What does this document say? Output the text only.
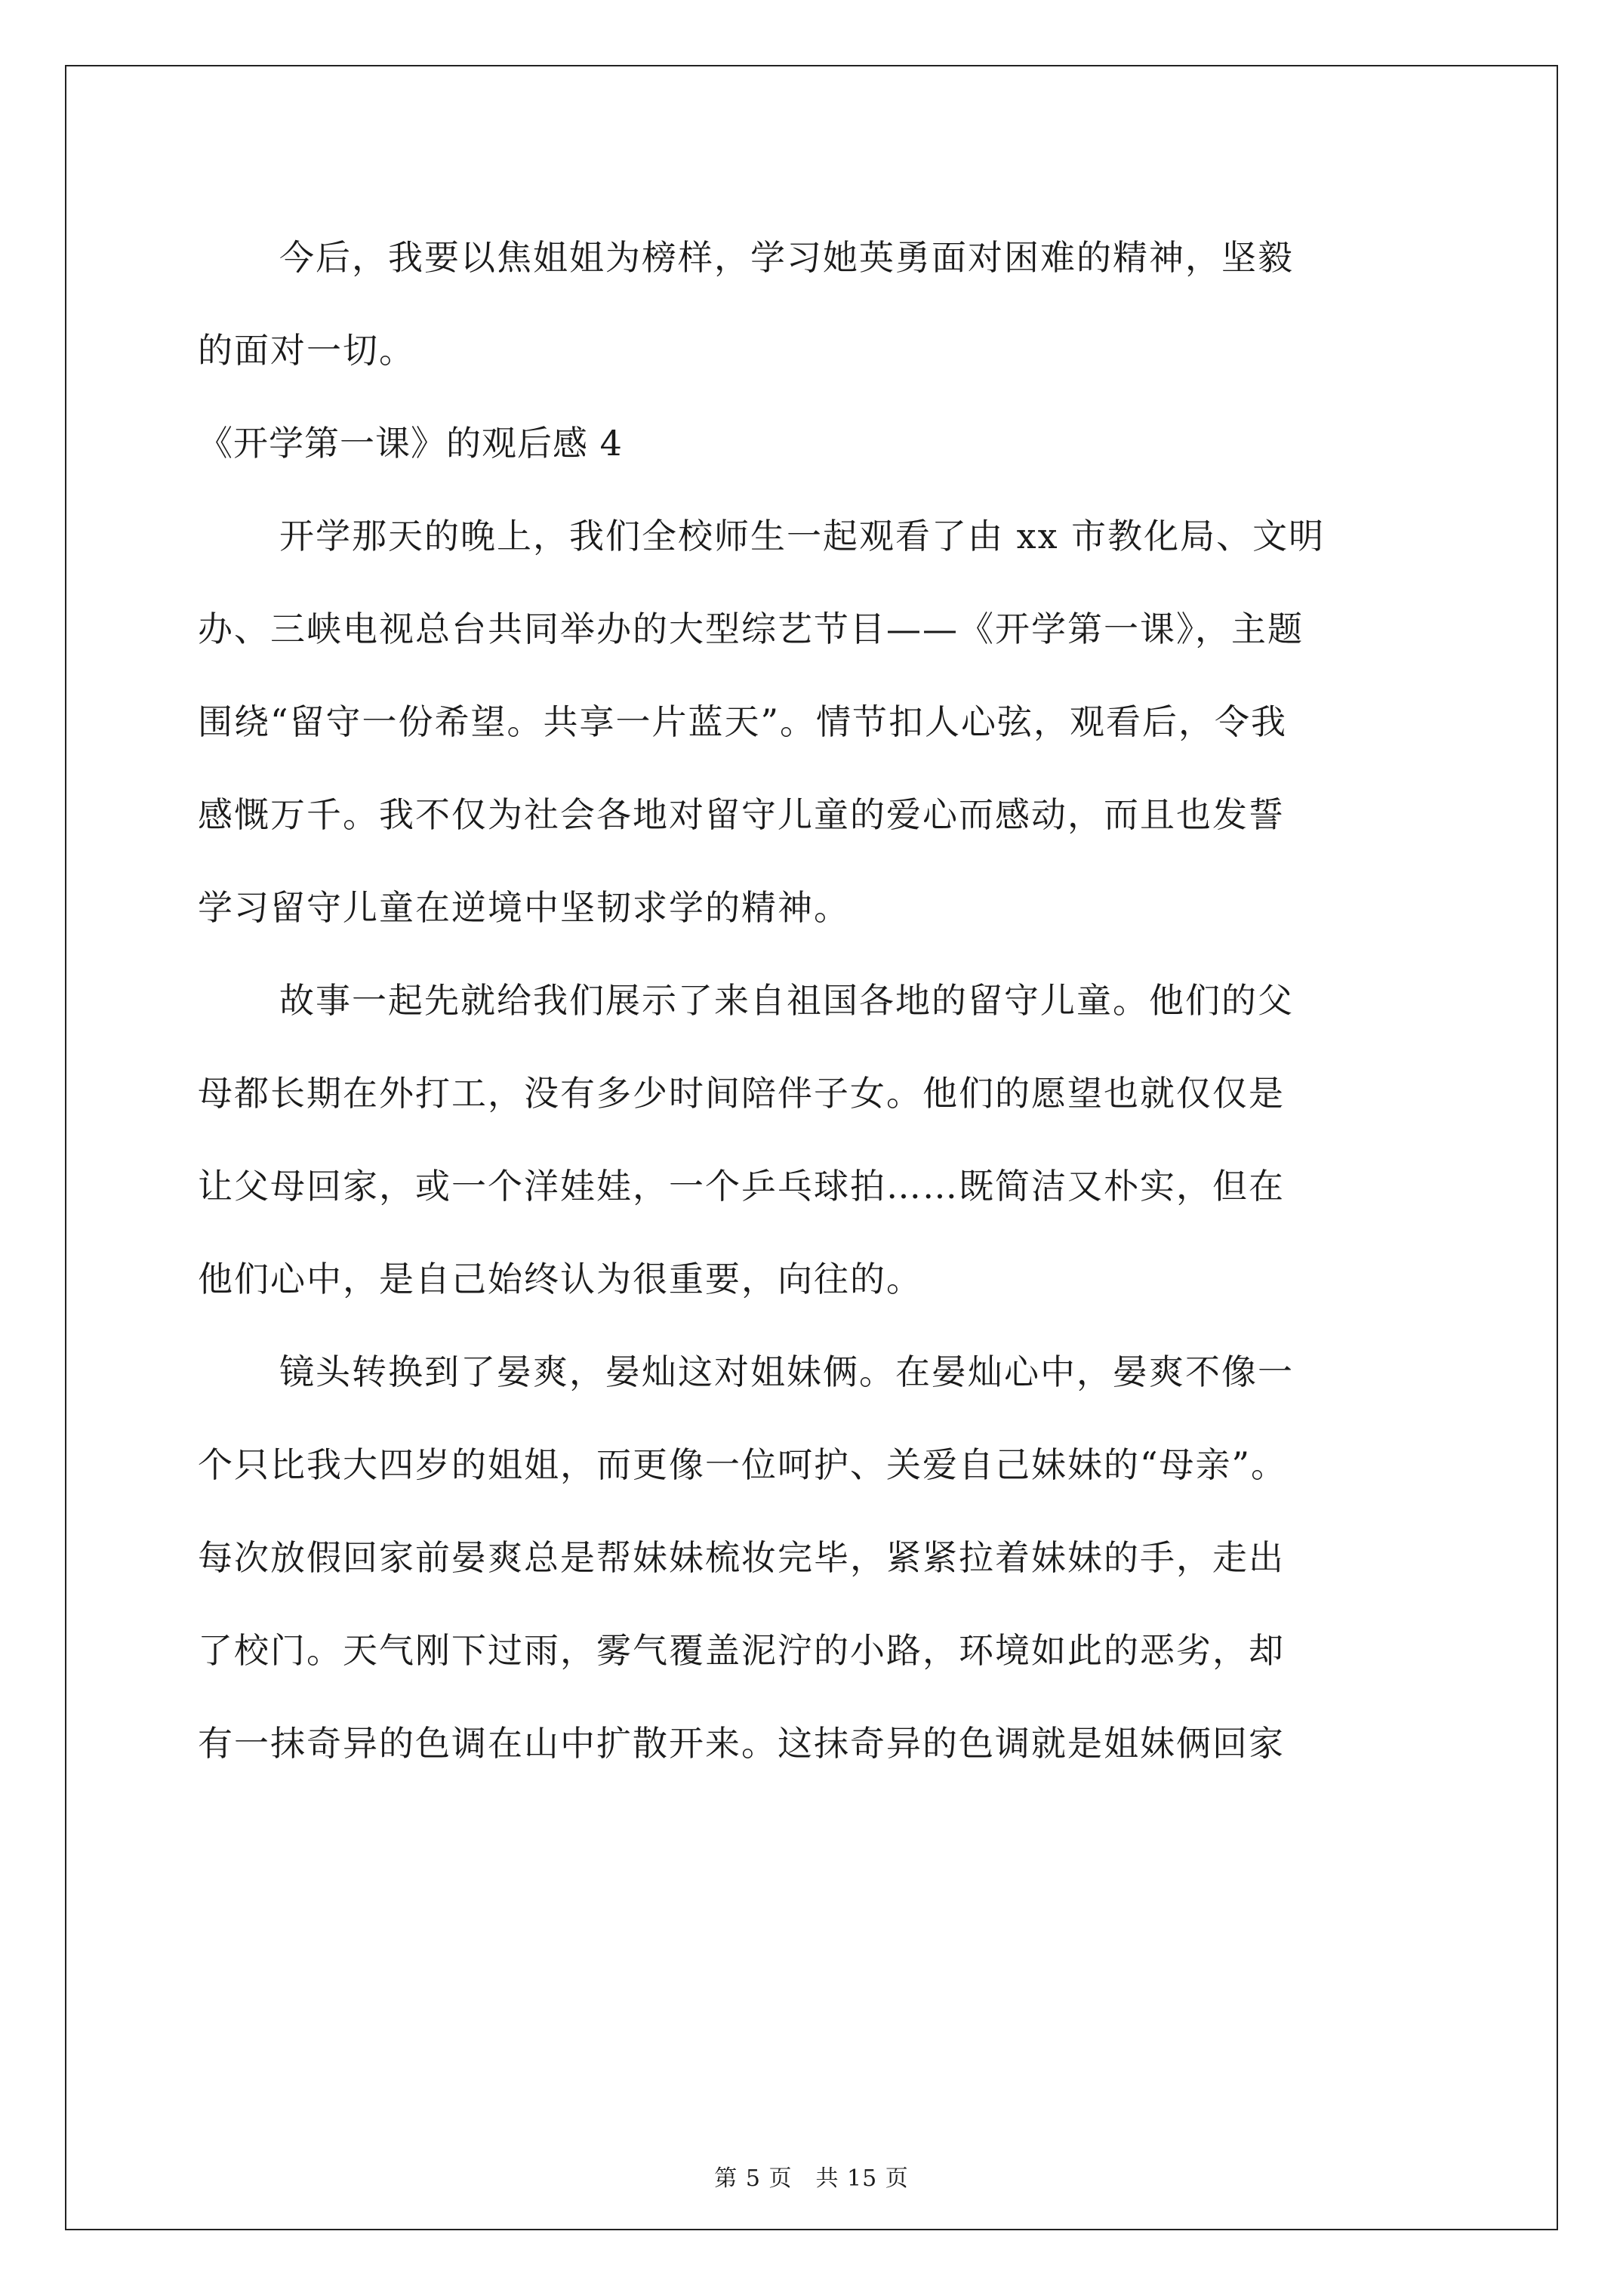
今后，我要以焦姐姐为榜样，学习她英勇面对困难的精神，坚毅
的面对一切。
《开学第一课》的观后感 4
开学那天的晚上，我们全校师生一起观看了由 xx 市教化局、文明
办、三峡电视总台共同举办的大型综艺节目——《开学第一课》，主题
围绕“留守一份希望。共享一片蓝天”。情节扣人心弦，观看后，令我
感慨万千。我不仅为社会各地对留守儿童的爱心而感动，而且也发誓
学习留守儿童在逆境中坚韧求学的精神。
故事一起先就给我们展示了来自祖国各地的留守儿童。他们的父
母都长期在外打工，没有多少时间陪伴子女。他们的愿望也就仅仅是
让父母回家，或一个洋娃娃，一个乒乓球拍……既简洁又朴实，但在
他们心中，是自己始终认为很重要，向往的。
镜头转换到了晏爽，晏灿这对姐妹俩。在晏灿心中，晏爽不像一
个只比我大四岁的姐姐，而更像一位呵护、关爱自己妹妹的“母亲”。
每次放假回家前晏爽总是帮妹妹梳妆完毕，紧紧拉着妹妹的手，走出
了校门。天气刚下过雨，雾气覆盖泥泞的小路，环境如此的恶劣，却
有一抹奇异的色调在山中扩散开来。这抹奇异的色调就是姐妹俩回家
第 5 页　共 15 页
